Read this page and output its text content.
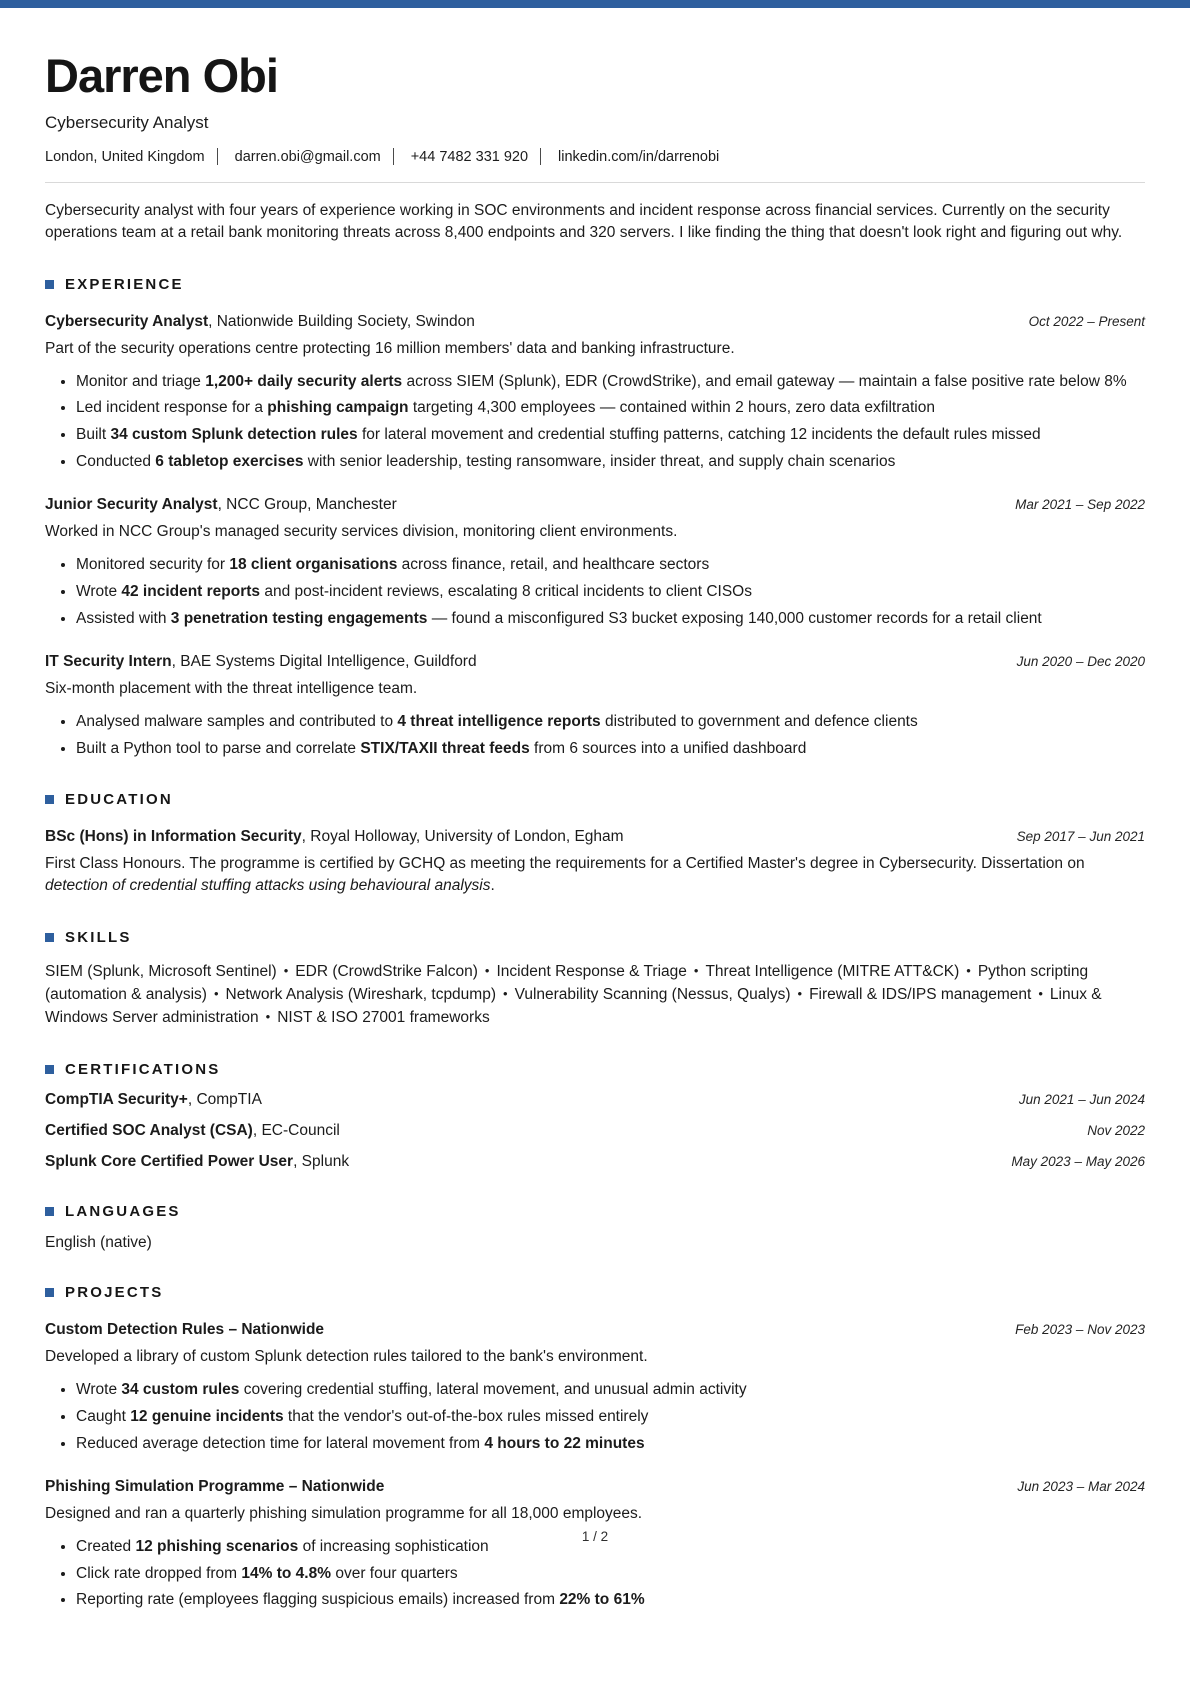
Darren Obi
Cybersecurity Analyst
London, United Kingdom darren.obi@gmail.com +44 7482 331 920 linkedin.com/in/darrenobi

Cybersecurity analyst with four years of experience working in SOC environments and incident response across financial services. Currently on the security operations team at a retail bank monitoring threats across 8,400 endpoints and 320 servers. I like finding the thing that doesn't look right and figuring out why.

EXPERIENCE
Cybersecurity Analyst, Nationwide Building Society, Swindon	Oct 2022 – Present

Part of the security operations centre protecting 16 million members' data and banking infrastructure.

• Monitor and triage 1,200+ daily security alerts across SIEM (Splunk), EDR (CrowdStrike), and email gateway — maintain a false positive rate below 8%
• Led incident response for a phishing campaign targeting 4,300 employees — contained within 2 hours, zero data exfiltration
• Built 34 custom Splunk detection rules for lateral movement and credential stuffing patterns, catching 12 incidents the default rules missed
• Conducted 6 tabletop exercises with senior leadership, testing ransomware, insider threat, and supply chain scenarios
Junior Security Analyst, NCC Group, Manchester	Mar 2021 – Sep 2022

Worked in NCC Group's managed security services division, monitoring client environments.

• Monitored security for 18 client organisations across finance, retail, and healthcare sectors
• Wrote 42 incident reports and post-incident reviews, escalating 8 critical incidents to client CISOs
• Assisted with 3 penetration testing engagements — found a misconfigured S3 bucket exposing 140,000 customer records for a retail client
IT Security Intern, BAE Systems Digital Intelligence, Guildford	Jun 2020 – Dec 2020

Six-month placement with the threat intelligence team.

• Analysed malware samples and contributed to 4 threat intelligence reports distributed to government and defence clients
• Built a Python tool to parse and correlate STIX/TAXII threat feeds from 6 sources into a unified dashboard
EDUCATION
BSc (Hons) in Information Security, Royal Holloway, University of London, Egham	Sep 2017 – Jun 2021

First Class Honours. The programme is certified by GCHQ as meeting the requirements for a Certified Master's degree in Cybersecurity. Dissertation on detection of credential stuffing attacks using behavioural analysis.

SKILLS

SIEM (Splunk, Microsoft Sentinel) • EDR (CrowdStrike Falcon) • Incident Response & Triage • Threat Intelligence (MITRE ATT&CK) • Python scripting (automation & analysis) • Network Analysis (Wireshark, tcpdump) • Vulnerability Scanning (Nessus, Qualys) • Firewall & IDS/IPS management • Linux & Windows Server administration • NIST & ISO 27001 frameworks

CERTIFICATIONS
CompTIA Security+, CompTIA	Jun 2021 – Jun 2024
Certified SOC Analyst (CSA), EC-Council	Nov 2022
Splunk Core Certified Power User, Splunk	May 2023 – May 2026
LANGUAGES

English (native)

PROJECTS
Custom Detection Rules – Nationwide	Feb 2023 – Nov 2023

Developed a library of custom Splunk detection rules tailored to the bank's environment.

• Wrote 34 custom rules covering credential stuffing, lateral movement, and unusual admin activity
• Caught 12 genuine incidents that the vendor's out-of-the-box rules missed entirely
• Reduced average detection time for lateral movement from 4 hours to 22 minutes
Phishing Simulation Programme – Nationwide	Jun 2023 – Mar 2024

Designed and ran a quarterly phishing simulation programme for all 18,000 employees.

• Created 12 phishing scenarios of increasing sophistication
• Click rate dropped from 14% to 4.8% over four quarters
• Reporting rate (employees flagging suspicious emails) increased from 22% to 61%
1 / 2
